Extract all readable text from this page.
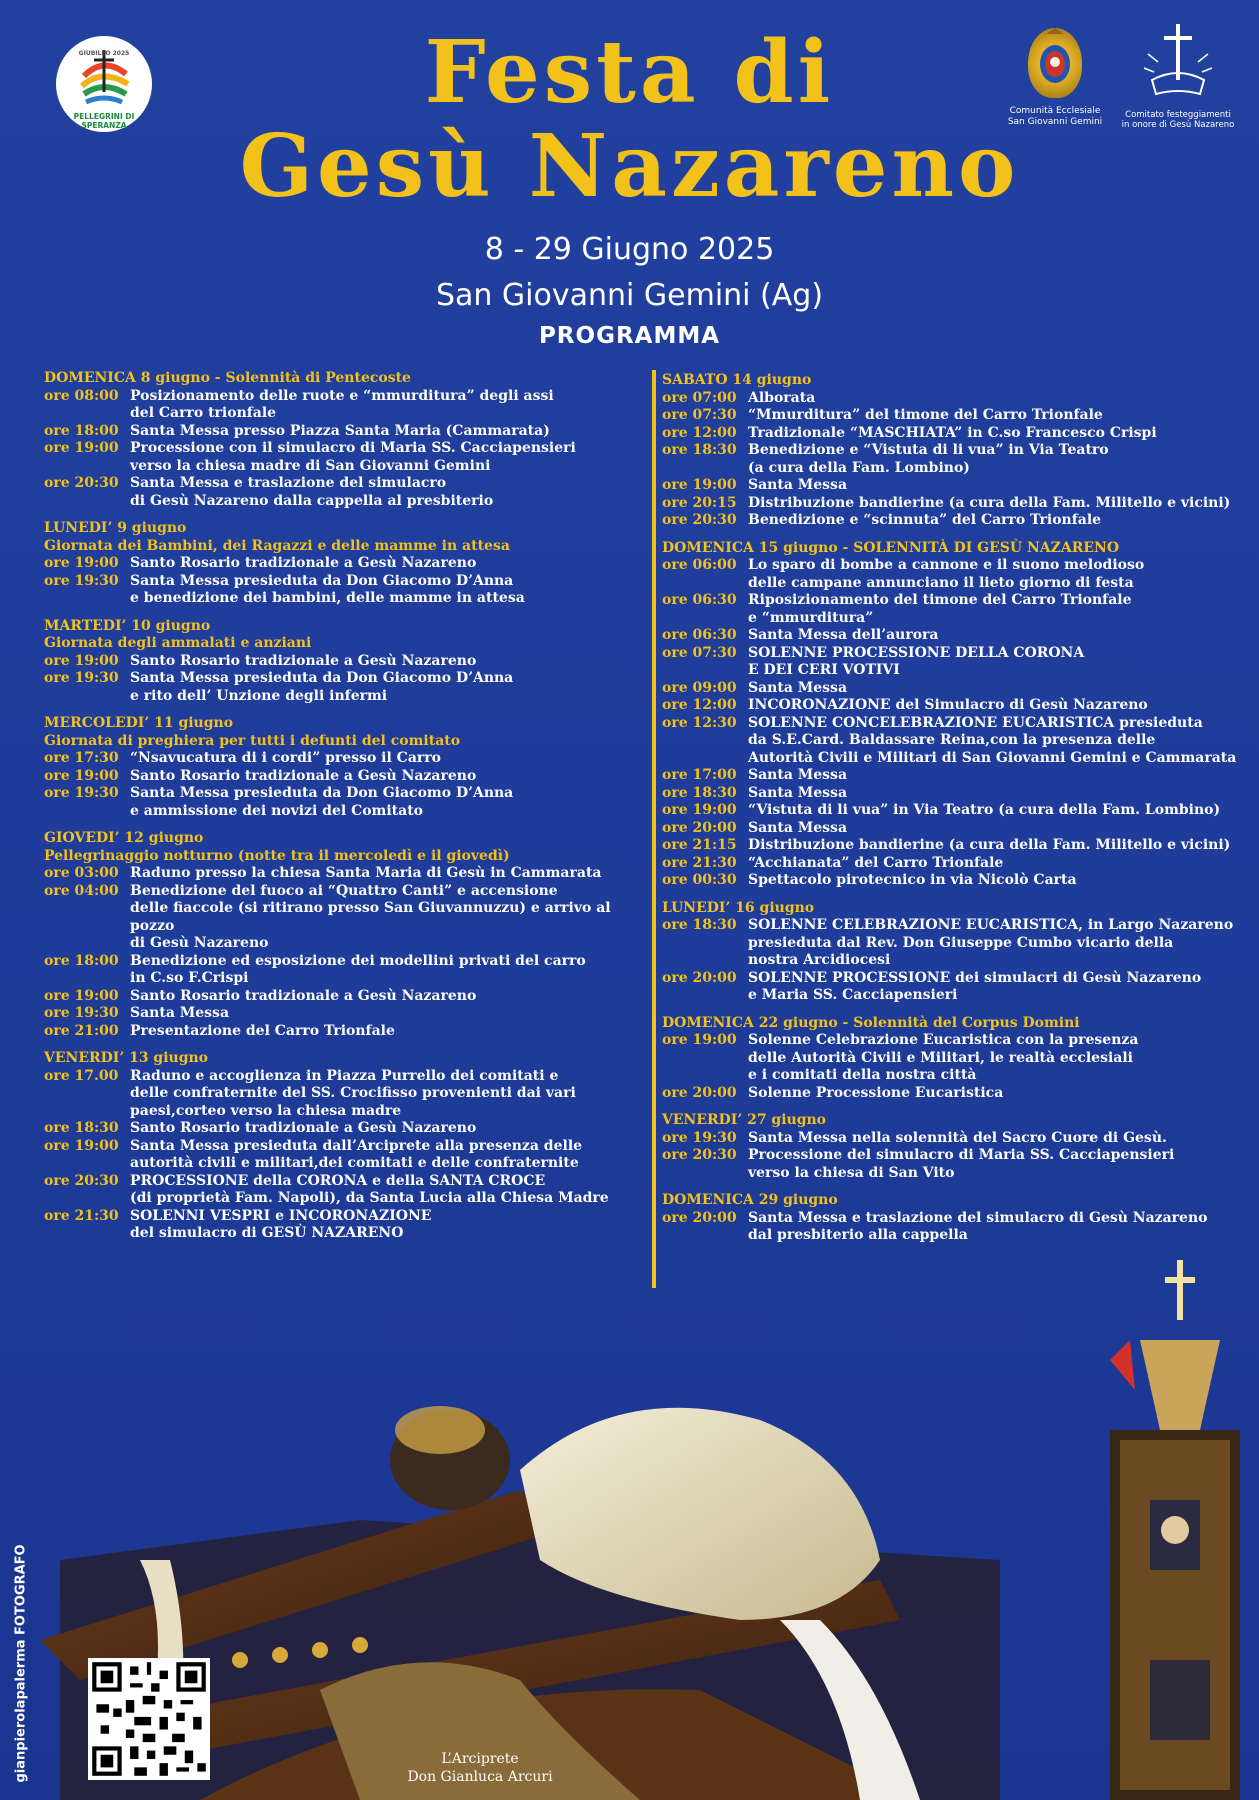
GIUBILEO 2025
PELLEGRINI DI SPERANZA
Comunità Ecclesiale
San Giovanni Gemini
Comitato festeggiamenti
in onore di Gesù Nazareno
Festa di
Gesù Nazareno
8 - 29 Giugno 2025
San Giovanni Gemini (Ag)
PROGRAMMA
DOMENICA 8 giugno - Solennità di Pentecoste
ore 08:00 Posizionamento delle ruote e “mmurditura” degli assi
del Carro trionfale
ore 18:00 Santa Messa presso Piazza Santa Maria (Cammarata)
ore 19:00 Processione con il simulacro di Maria SS. Cacciapensieri
verso la chiesa madre di San Giovanni Gemini
ore 20:30 Santa Messa e traslazione del simulacro
di Gesù Nazareno dalla cappella al presbiterio
LUNEDI’ 9 giugno
Giornata dei Bambini, dei Ragazzi e delle mamme in attesa
ore 19:00 Santo Rosario tradizionale a Gesù Nazareno
ore 19:30 Santa Messa presieduta da Don Giacomo D’Anna
e benedizione dei bambini, delle mamme in attesa
MARTEDI’ 10 giugno
Giornata degli ammalati e anziani
ore 19:00 Santo Rosario tradizionale a Gesù Nazareno
ore 19:30 Santa Messa presieduta da Don Giacomo D’Anna
e rito dell’ Unzione degli infermi
MERCOLEDI’ 11 giugno
Giornata di preghiera per tutti i defunti del comitato
ore 17:30 “Nsavucatura di i cordi” presso il Carro
ore 19:00 Santo Rosario tradizionale a Gesù Nazareno
ore 19:30 Santa Messa presieduta da Don Giacomo D’Anna
e ammissione dei novizi del Comitato
GIOVEDI’ 12 giugno
Pellegrinaggio notturno (notte tra il mercoledì e il giovedì)
ore 03:00 Raduno presso la chiesa Santa Maria di Gesù in Cammarata
ore 04:00 Benedizione del fuoco ai “Quattro Canti” e accensione
delle fiaccole (si ritirano presso San Giuvannuzzu) e arrivo al pozzo
di Gesù Nazareno
ore 18:00 Benedizione ed esposizione dei modellini privati del carro
in C.so F.Crispi
ore 19:00 Santo Rosario tradizionale a Gesù Nazareno
ore 19:30 Santa Messa
ore 21:00 Presentazione del Carro Trionfale
VENERDI’ 13 giugno
ore 17.00 Raduno e accoglienza in Piazza Purrello dei comitati e
delle confraternite del SS. Crocifisso provenienti dai vari
paesi,corteo verso la chiesa madre
ore 18:30 Santo Rosario tradizionale a Gesù Nazareno
ore 19:00 Santa Messa presieduta dall’Arciprete alla presenza delle
autorità civili e militari,dei comitati e delle confraternite
ore 20:30 PROCESSIONE della CORONA e della SANTA CROCE
(di proprietà Fam. Napoli), da Santa Lucia alla Chiesa Madre
ore 21:30 SOLENNI VESPRI e INCORONAZIONE
del simulacro di GESÙ NAZARENO
SABATO 14 giugno
ore 07:00 Alborata
ore 07:30 “Mmurditura” del timone del Carro Trionfale
ore 12:00 Tradizionale “MASCHIATA” in C.so Francesco Crispi
ore 18:30 Benedizione e “Vistuta di li vua” in Via Teatro
(a cura della Fam. Lombino)
ore 19:00 Santa Messa
ore 20:15 Distribuzione bandierine (a cura della Fam. Militello e vicini)
ore 20:30 Benedizione e “scinnuta” del Carro Trionfale
DOMENICA 15 giugno - SOLENNITÀ DI GESÙ NAZARENO
ore 06:00 Lo sparo di bombe a cannone e il suono melodioso
delle campane annunciano il lieto giorno di festa
ore 06:30 Riposizionamento del timone del Carro Trionfale
e “mmurditura”
ore 06:30 Santa Messa dell’aurora
ore 07:30 SOLENNE PROCESSIONE DELLA CORONA
E DEI CERI VOTIVI
ore 09:00 Santa Messa
ore 12:00 INCORONAZIONE del Simulacro di Gesù Nazareno
ore 12:30 SOLENNE CONCELEBRAZIONE EUCARISTICA presieduta
da S.E.Card. Baldassare Reina,con la presenza delle
Autorità Civili e Militari di San Giovanni Gemini e Cammarata
ore 17:00 Santa Messa
ore 18:30 Santa Messa
ore 19:00 “Vistuta di li vua” in Via Teatro (a cura della Fam. Lombino)
ore 20:00 Santa Messa
ore 21:15 Distribuzione bandierine (a cura della Fam. Militello e vicini)
ore 21:30 “Acchianata” del Carro Trionfale
ore 00:30 Spettacolo pirotecnico in via Nicolò Carta
LUNEDI’ 16 giugno
ore 18:30 SOLENNE CELEBRAZIONE EUCARISTICA, in Largo Nazareno
presieduta dal Rev. Don Giuseppe Cumbo vicario della
nostra Arcidiocesi
ore 20:00 SOLENNE PROCESSIONE dei simulacri di Gesù Nazareno
e Maria SS. Cacciapensieri
DOMENICA 22 giugno - Solennità del Corpus Domini
ore 19:00 Solenne Celebrazione Eucaristica con la presenza
delle Autorità Civili e Militari, le realtà ecclesiali
e i comitati della nostra città
ore 20:00 Solenne Processione Eucaristica
VENERDI’ 27 giugno
ore 19:30 Santa Messa nella solennità del Sacro Cuore di Gesù.
ore 20:30 Processione del simulacro di Maria SS. Cacciapensieri
verso la chiesa di San Vito
DOMENICA 29 giugno
ore 20:00 Santa Messa e traslazione del simulacro di Gesù Nazareno
dal presbiterio alla cappella
gianpierolapalerma FOTOGRAFO	L’Arciprete
Don Gianluca Arcuri
